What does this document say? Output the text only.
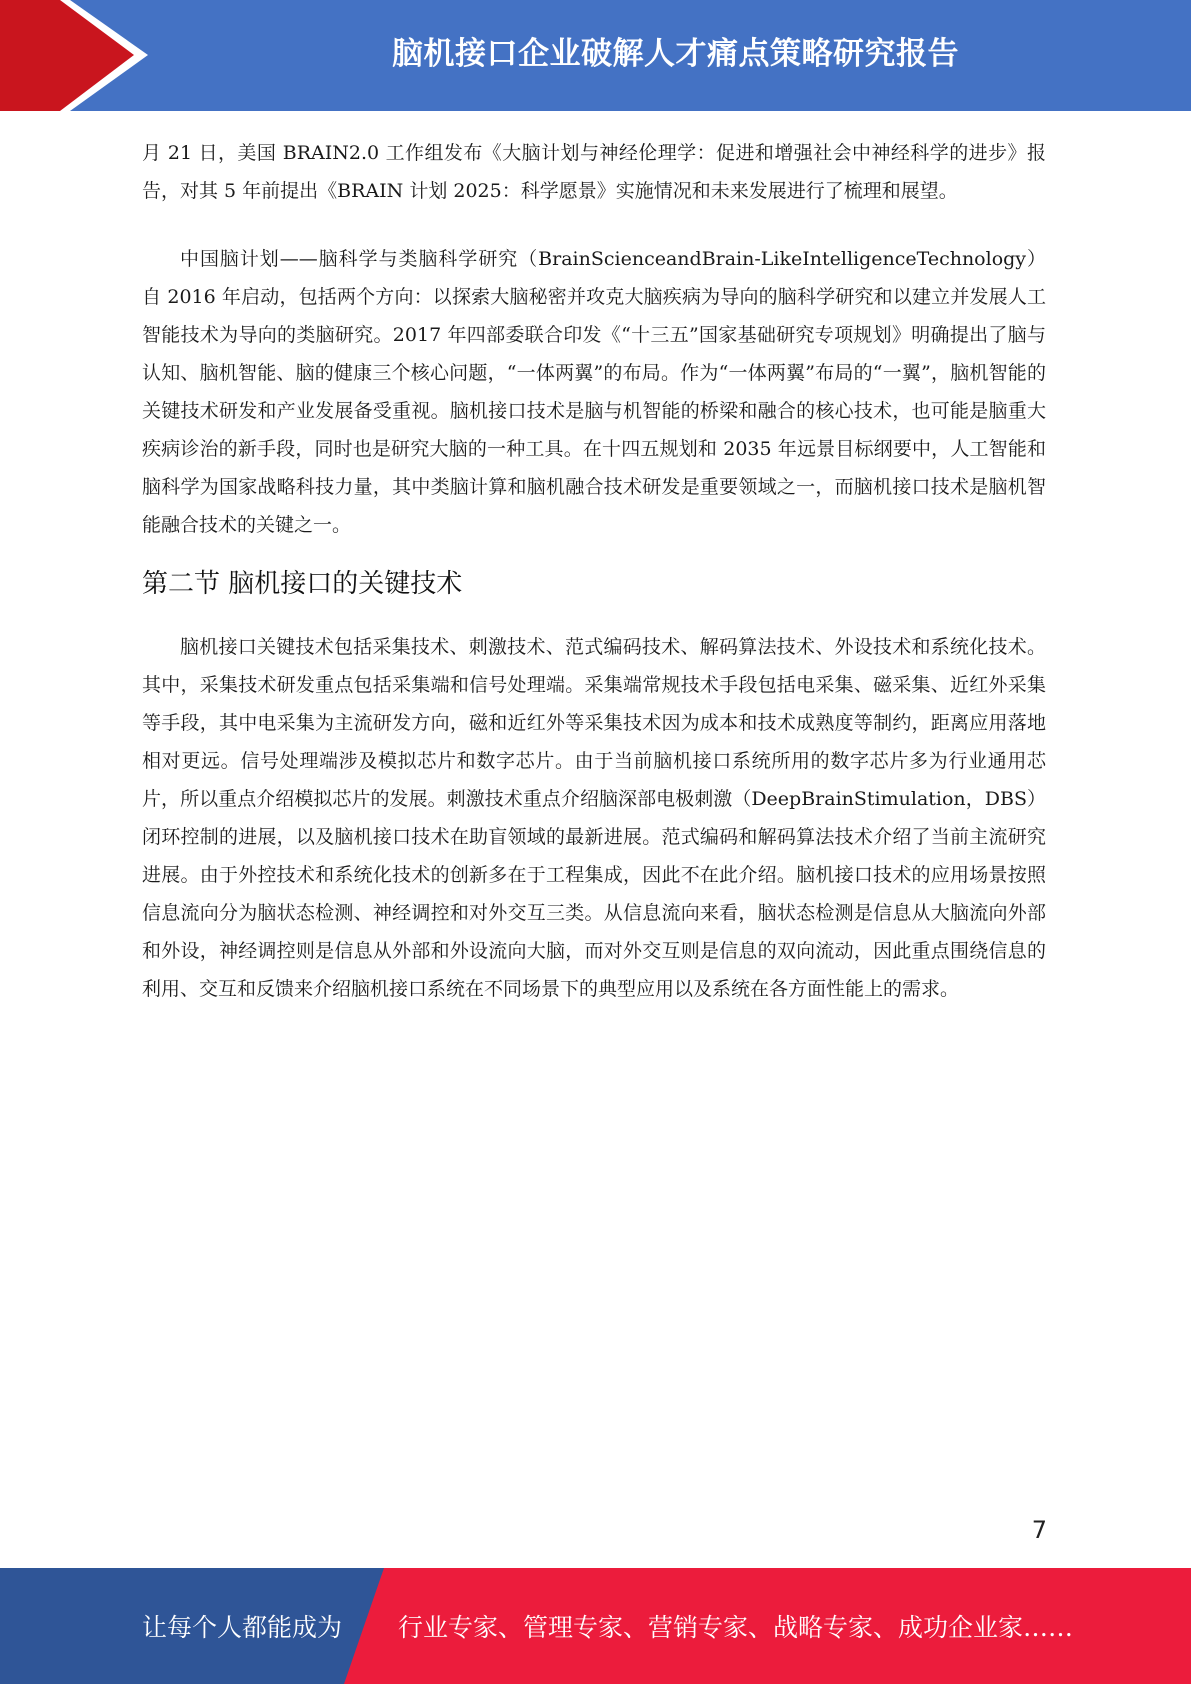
脑机接口企业破解人才痛点策略研究报告

月 21 日，美国 BRAIN2.0 工作组发布《大脑计划与神经伦理学：促进和增强社会中神经科学的进步》报告，对其 5 年前提出《BRAIN 计划 2025：科学愿景》实施情况和未来发展进行了梳理和展望。

中国脑计划——脑科学与类脑科学研究（BrainScienceandBrain-LikeIntelligenceTechnology）自 2016 年启动，包括两个方向：以探索大脑秘密并攻克大脑疾病为导向的脑科学研究和以建立并发展人工智能技术为导向的类脑研究。2017 年四部委联合印发《“十三五”国家基础研究专项规划》明确提出了脑与认知、脑机智能、脑的健康三个核心问题，“一体两翼”的布局。作为“一体两翼”布局的“一翼”，脑机智能的关键技术研发和产业发展备受重视。脑机接口技术是脑与机智能的桥梁和融合的核心技术，也可能是脑重大疾病诊治的新手段，同时也是研究大脑的一种工具。在十四五规划和 2035 年远景目标纲要中，人工智能和脑科学为国家战略科技力量，其中类脑计算和脑机融合技术研发是重要领域之一，而脑机接口技术是脑机智能融合技术的关键之一。

第二节 脑机接口的关键技术

脑机接口关键技术包括采集技术、刺激技术、范式编码技术、解码算法技术、外设技术和系统化技术。其中，采集技术研发重点包括采集端和信号处理端。采集端常规技术手段包括电采集、磁采集、近红外采集等手段，其中电采集为主流研发方向，磁和近红外等采集技术因为成本和技术成熟度等制约，距离应用落地相对更远。信号处理端涉及模拟芯片和数字芯片。由于当前脑机接口系统所用的数字芯片多为行业通用芯片，所以重点介绍模拟芯片的发展。刺激技术重点介绍脑深部电极刺激（DeepBrainStimulation，DBS）闭环控制的进展，以及脑机接口技术在助盲领域的最新进展。范式编码和解码算法技术介绍了当前主流研究进展。由于外控技术和系统化技术的创新多在于工程集成，因此不在此介绍。脑机接口技术的应用场景按照信息流向分为脑状态检测、神经调控和对外交互三类。从信息流向来看，脑状态检测是信息从大脑流向外部和外设，神经调控则是信息从外部和外设流向大脑，而对外交互则是信息的双向流动，因此重点围绕信息的利用、交互和反馈来介绍脑机接口系统在不同场景下的典型应用以及系统在各方面性能上的需求。

7
让每个人都能成为 行业专家、管理专家、营销专家、战略专家、成功企业家……
